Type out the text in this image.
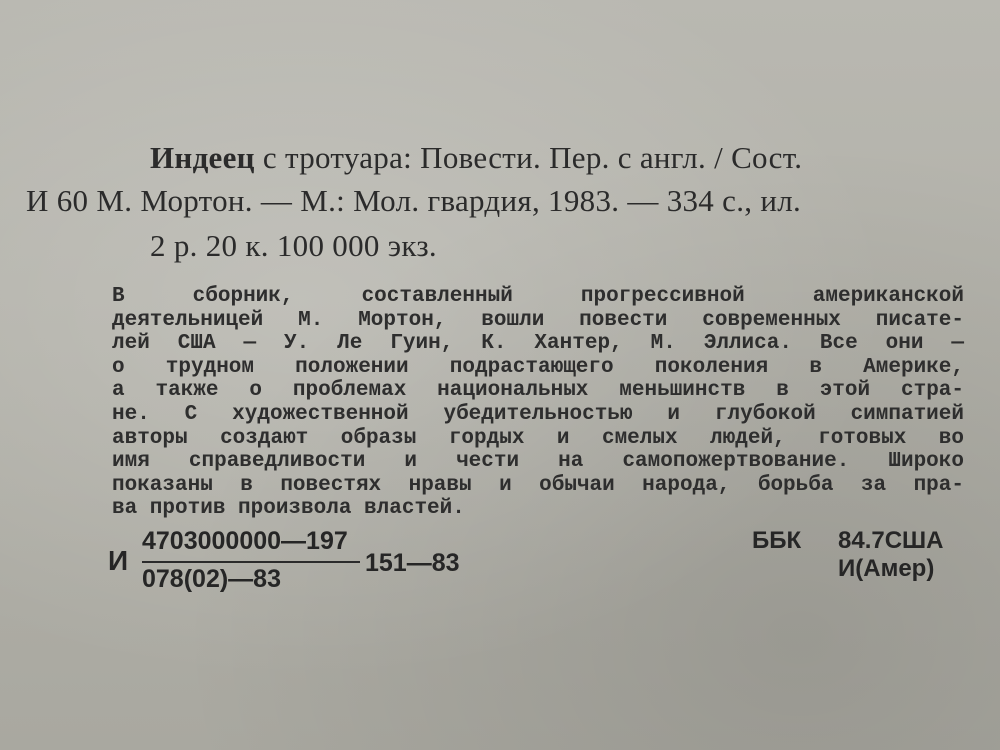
Индеец с тротуара: Повести. Пер. с англ. / Сост.
И 60 М. Мортон. — М.: Мол. гвардия, 1983. — 334 с., ил.
2 р. 20 к. 100 000 экз.
В сборник, составленный прогрессивной американской
деятельницей М. Мортон, вошли повести современных писате-
лей США — У. Ле Гуин, К. Хантер, М. Эллиса. Все они —
о трудном положении подрастающего поколения в Америке,
а также о проблемах национальных меньшинств в этой стра-
не. С художественной убедительностью и глубокой симпатией
авторы создают образы гордых и смелых людей, готовых во
имя справедливости и чести на самопожертвование. Широко
показаны в повестях нравы и обычаи народа, борьба за пра-
ва против произвола властей.
И
4703000000—197
078(02)—83
151—83
ББК 84.7США
И(Амер)
